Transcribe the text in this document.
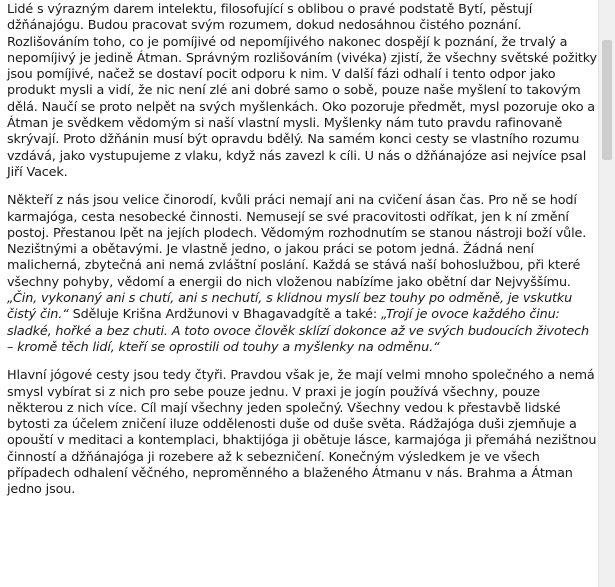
Lidé s výrazným darem intelektu, filosofující s oblibou o pravé podstatě Bytí, pěstují džňánajógu. Budou pracovat svým rozumem, dokud nedosáhnou čistého poznání. Rozlišováním toho, co je pomíjivé od nepomíjivého nakonec dospějí k poznání, že trvalý a nepomíjivý je jedině Átman. Správným rozlišováním (vivéka) zjistí, že všechny světské požitky jsou pomíjivé, načež se dostaví pocit odporu k nim. V další fázi odhalí i tento odpor jako produkt mysli a vidí, že nic není zlé ani dobré samo o sobě, pouze naše myšlení to takovým dělá. Naučí se proto nelpět na svých myšlenkách. Oko pozoruje předmět, mysl pozoruje oko a Átman je svědkem vědomým si naší vlastní mysli. Myšlenky nám tuto pravdu rafinovaně skrývají. Proto džňánin musí být opravdu bdělý. Na samém konci cesty se vlastního rozumu vzdává, jako vystupujeme z vlaku, když nás zavezl k cíli. U nás o džňánajóze asi nejvíce psal Jiří Vacek.

Někteří z nás jsou velice činorodí, kvůli práci nemají ani na cvičení ásan čas. Pro ně se hodí karmajóga, cesta nesobecké činnosti. Nemusejí se své pracovitosti odříkat, jen k ní změní postoj. Přestanou lpět na jejích plodech. Vědomým rozhodnutím se stanou nástroji boží vůle. Nezištnými a obětavými. Je vlastně jedno, o jakou práci se potom jedná. Žádná není malicherná, zbytečná ani nemá zvláštní poslání. Každá se stává naší bohoslužbou, při které všechny pohyby, vědomí a energii do nich vloženou nabízíme jako obětní dar Nejvyššímu. „Čin, vykonaný ani s chutí, ani s nechutí, s klidnou myslí bez touhy po odměně, je vskutku čistý čin.“ Sděluje Krišna Ardžunovi v Bhagavadgítě a také: „Trojí je ovoce každého činu: sladké, hořké a bez chuti. A toto ovoce člověk sklízí dokonce až ve svých budoucích životech – kromě těch lidí, kteří se oprostili od touhy a myšlenky na odměnu.“

Hlavní jógové cesty jsou tedy čtyři. Pravdou však je, že mají velmi mnoho společného a nemá smysl vybírat si z nich pro sebe pouze jednu. V praxi je jogín používá všechny, pouze některou z nich více. Cíl mají všechny jeden společný. Všechny vedou k přestavbě lidské bytosti za účelem zničení iluze oddělenosti duše od duše světa. Rádžajóga duši zjemňuje a opouští v meditaci a kontemplaci, bhaktijóga ji obětuje lásce, karmajóga ji přemáhá nezištnou činností a džňánajóga ji rozebere až k sebezničení. Konečným výsledkem je ve všech případech odhalení věčného, neproměnného a blaženého Átmanu v nás. Brahma a Átman jedno jsou.
